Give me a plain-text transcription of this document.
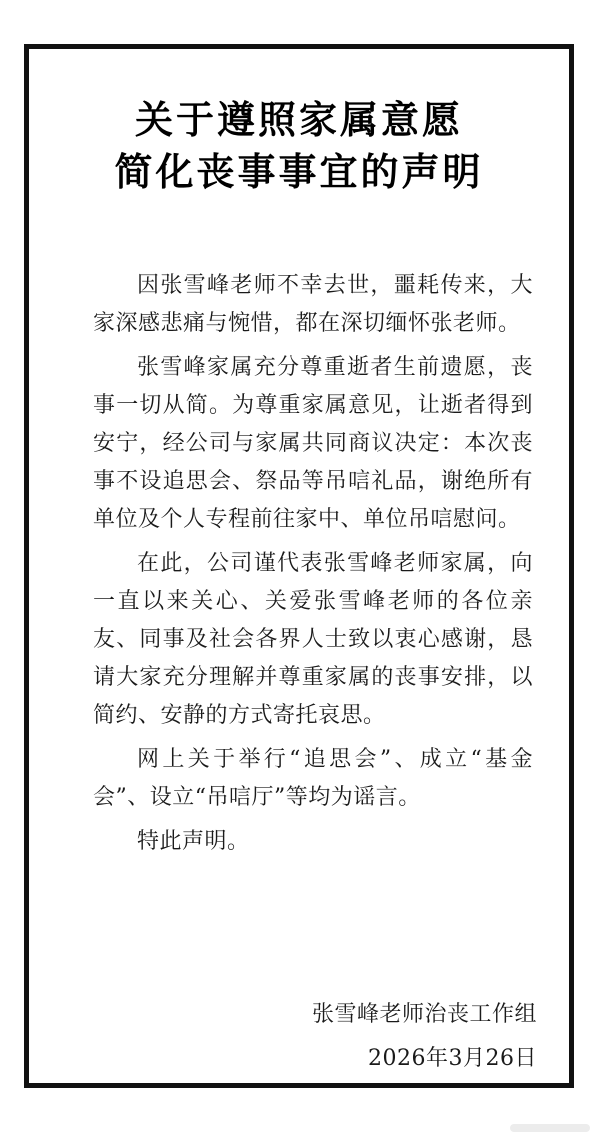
关于遵照家属意愿
简化丧事事宜的声明

因张雪峰老师不幸去世，噩耗传来，大家深感悲痛与惋惜，都在深切缅怀张老师。

张雪峰家属充分尊重逝者生前遗愿，丧事一切从简。为尊重家属意见，让逝者得到安宁，经公司与家属共同商议决定：本次丧事不设追思会、祭品等吊唁礼品，谢绝所有单位及个人专程前往家中、单位吊唁慰问。

在此，公司谨代表张雪峰老师家属，向一直以来关心、关爱张雪峰老师的各位亲友、同事及社会各界人士致以衷心感谢，恳请大家充分理解并尊重家属的丧事安排，以简约、安静的方式寄托哀思。

网上关于举行“追思会”、成立“基金会”、设立“吊唁厅”等均为谣言。

特此声明。

张雪峰老师治丧工作组

2026年3月26日
